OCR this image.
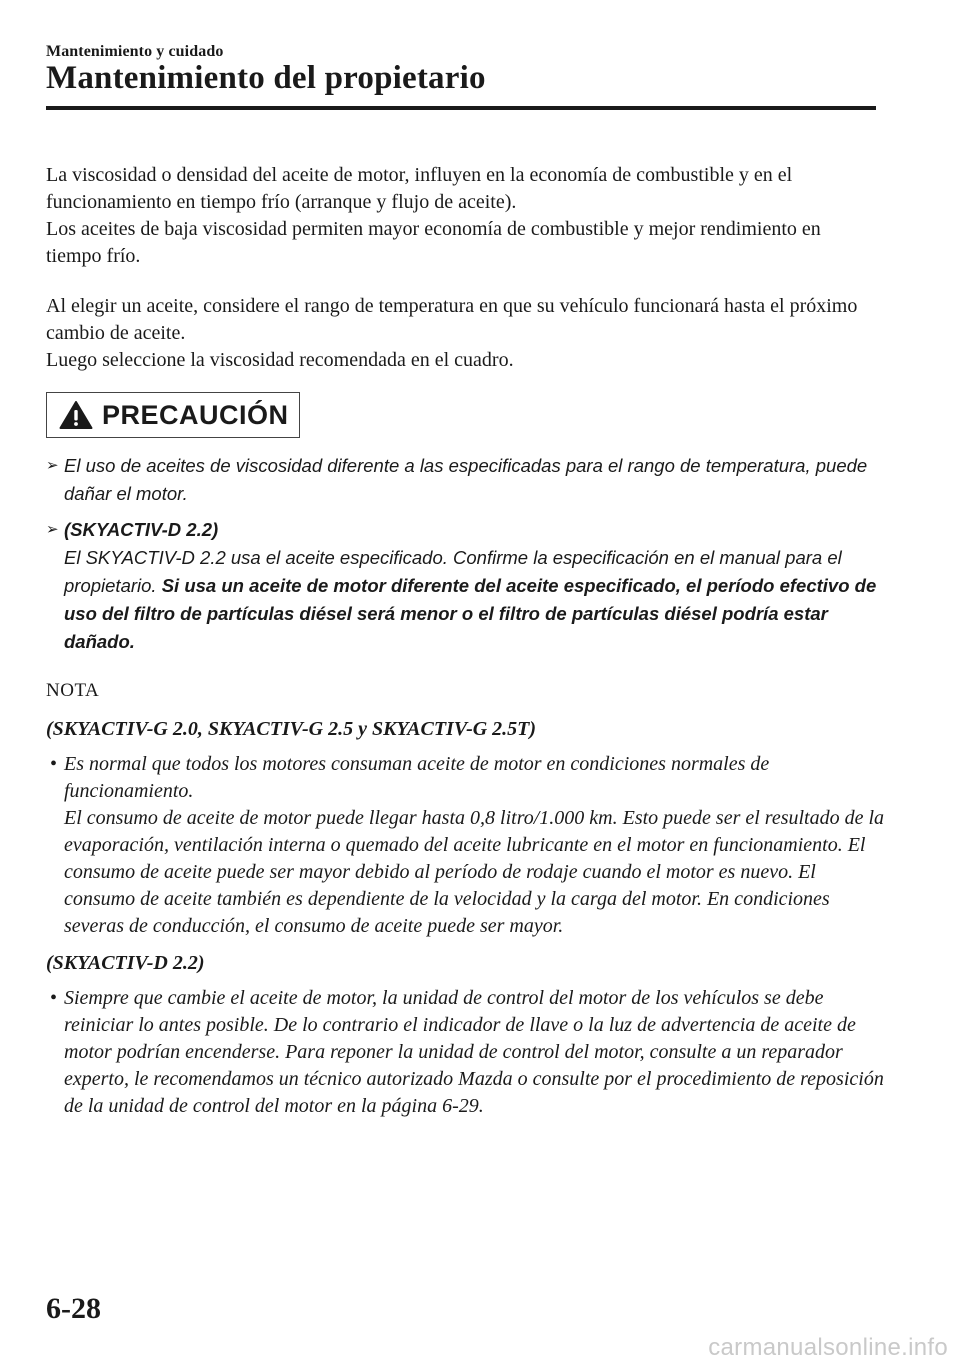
Mantenimiento y cuidado
Mantenimiento del propietario

La viscosidad o densidad del aceite de motor, influyen en la economía de combustible y en el funcionamiento en tiempo frío (arranque y flujo de aceite).

Los aceites de baja viscosidad permiten mayor economía de combustible y mejor rendimiento en tiempo frío.

Al elegir un aceite, considere el rango de temperatura en que su vehículo funcionará hasta el próximo cambio de aceite.

Luego seleccione la viscosidad recomendada en el cuadro.

PRECAUCIÓN
➢ El uso de aceites de viscosidad diferente a las especificadas para el rango de temperatura, puede dañar el motor.
➢ (SKYACTIV-D 2.2)
El SKYACTIV-D 2.2 usa el aceite especificado. Confirme la especificación en el manual para el propietario. Si usa un aceite de motor diferente del aceite especificado, el período efectivo de uso del filtro de partículas diésel será menor o el filtro de partículas diésel podría estar dañado.
NOTA
(SKYACTIV-G 2.0, SKYACTIV-G 2.5 y SKYACTIV-G 2.5T)
• Es normal que todos los motores consuman aceite de motor en condiciones normales de funcionamiento.

El consumo de aceite de motor puede llegar hasta 0,8 litro/1.000 km. Esto puede ser el resultado de la evaporación, ventilación interna o quemado del aceite lubricante en el motor en funcionamiento. El consumo de aceite puede ser mayor debido al período de rodaje cuando el motor es nuevo. El consumo de aceite también es dependiente de la velocidad y la carga del motor. En condiciones severas de conducción, el consumo de aceite puede ser mayor.

(SKYACTIV-D 2.2)
• Siempre que cambie el aceite de motor, la unidad de control del motor de los vehículos se debe reiniciar lo antes posible. De lo contrario el indicador de llave o la luz de advertencia de aceite de motor podrían encenderse. Para reponer la unidad de control del motor, consulte a un reparador experto, le recomendamos un técnico autorizado Mazda o consulte por el procedimiento de reposición de la unidad de control del motor en la página 6-29.

6-28
carmanualsonline.info
